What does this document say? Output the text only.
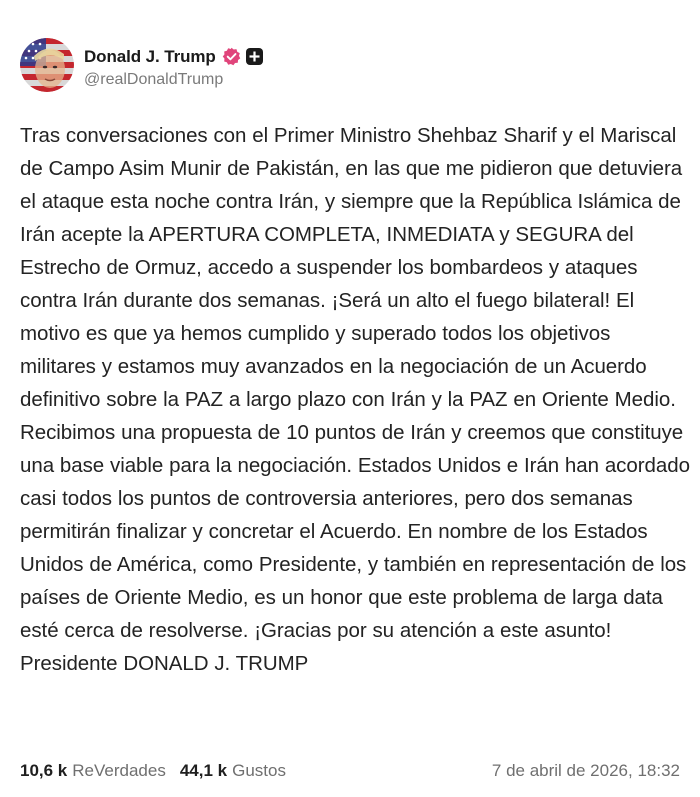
Donald J. Trump
@realDonaldTrump
Tras conversaciones con el Primer Ministro Shehbaz Sharif y el Mariscal de Campo Asim Munir de Pakistán, en las que me pidieron que detuviera el ataque esta noche contra Irán, y siempre que la República Islámica de Irán acepte la APERTURA COMPLETA, INMEDIATA y SEGURA del Estrecho de Ormuz, accedo a suspender los bombardeos y ataques contra Irán durante dos semanas. ¡Será un alto el fuego bilateral! El motivo es que ya hemos cumplido y superado todos los objetivos militares y estamos muy avanzados en la negociación de un Acuerdo definitivo sobre la PAZ a largo plazo con Irán y la PAZ en Oriente Medio. Recibimos una propuesta de 10 puntos de Irán y creemos que constituye una base viable para la negociación. Estados Unidos e Irán han acordado casi todos los puntos de controversia anteriores, pero dos semanas permitirán finalizar y concretar el Acuerdo. En nombre de los Estados Unidos de América, como Presidente, y también en representación de los países de Oriente Medio, es un honor que este problema de larga data esté cerca de resolverse. ¡Gracias por su atención a este asunto! Presidente DONALD J. TRUMP
10,6 k ReVerdades 44,1 k Gustos	7 de abril de 2026, 18:32
